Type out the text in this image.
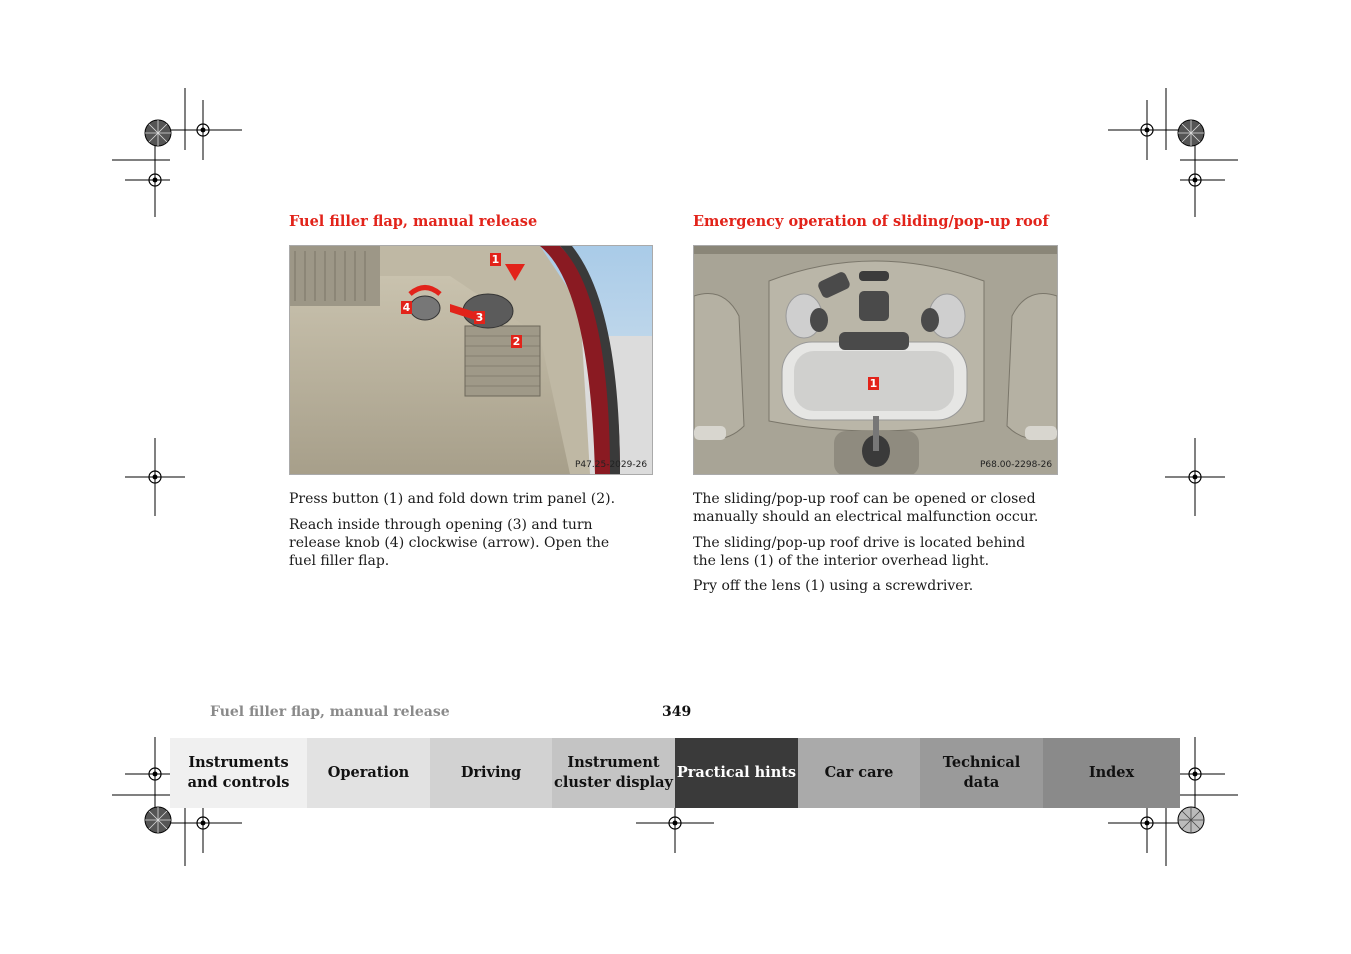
Fuel filler flap, manual release
1
2
3
4
P47.25-2029-26
Press button (1) and fold down trim panel (2).
Reach inside through opening (3) and turn release knob (4) clockwise (arrow). Open the fuel filler flap.
Emergency operation of sliding/pop-up roof
1
P68.00-2298-26
The sliding/pop-up roof can be opened or closed manually should an electrical malfunction occur.
The sliding/pop-up roof drive is located behind the lens (1) of the interior overhead light.
Pry off the lens (1) using a screwdriver.
Fuel filler flap, manual release	349
Instruments
and controls
Operation	Driving
Instrument
cluster display
Practical hints	Car care
Technical
data
Index
